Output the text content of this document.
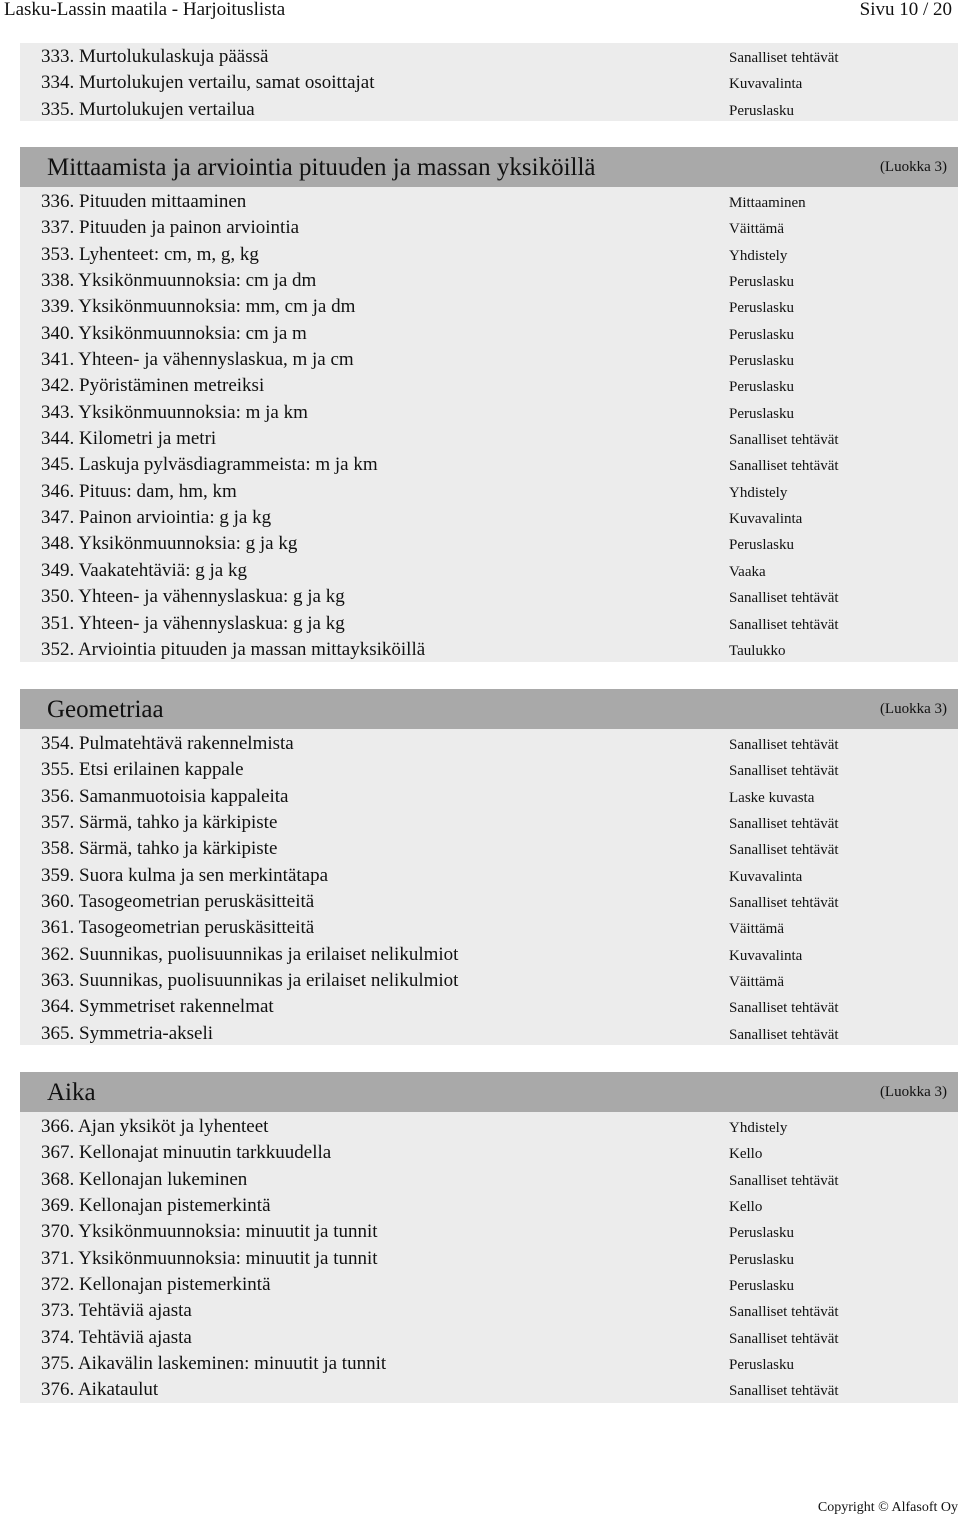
Lasku-Lassin maatila - Harjoituslista	Sivu 10 / 20
333. Murtolukulaskuja päässä	Sanalliset tehtävät
334. Murtolukujen vertailu, samat osoittajat	Kuvavalinta
335. Murtolukujen vertailua	Peruslasku
Mittaamista ja arviointia pituuden ja massan yksiköillä	(Luokka 3)
336. Pituuden mittaaminen	Mittaaminen
337. Pituuden ja painon arviointia	Väittämä
353. Lyhenteet: cm, m, g, kg	Yhdistely
338. Yksikönmuunnoksia: cm ja dm	Peruslasku
339. Yksikönmuunnoksia: mm, cm ja dm	Peruslasku
340. Yksikönmuunnoksia: cm ja m	Peruslasku
341. Yhteen- ja vähennyslaskua, m ja cm	Peruslasku
342. Pyöristäminen metreiksi	Peruslasku
343. Yksikönmuunnoksia: m ja km	Peruslasku
344. Kilometri ja metri	Sanalliset tehtävät
345. Laskuja pylväsdiagrammeista: m ja km	Sanalliset tehtävät
346. Pituus: dam, hm, km	Yhdistely
347. Painon arviointia: g ja kg	Kuvavalinta
348. Yksikönmuunnoksia: g ja kg	Peruslasku
349. Vaakatehtäviä: g ja kg	Vaaka
350. Yhteen- ja vähennyslaskua: g ja kg	Sanalliset tehtävät
351. Yhteen- ja vähennyslaskua: g ja kg	Sanalliset tehtävät
352. Arviointia pituuden ja massan mittayksiköillä	Taulukko
Geometriaa	(Luokka 3)
354. Pulmatehtävä rakennelmista	Sanalliset tehtävät
355. Etsi erilainen kappale	Sanalliset tehtävät
356. Samanmuotoisia kappaleita	Laske kuvasta
357. Särmä, tahko ja kärkipiste	Sanalliset tehtävät
358. Särmä, tahko ja kärkipiste	Sanalliset tehtävät
359. Suora kulma ja sen merkintätapa	Kuvavalinta
360. Tasogeometrian peruskäsitteitä	Sanalliset tehtävät
361. Tasogeometrian peruskäsitteitä	Väittämä
362. Suunnikas, puolisuunnikas ja erilaiset nelikulmiot	Kuvavalinta
363. Suunnikas, puolisuunnikas ja erilaiset nelikulmiot	Väittämä
364. Symmetriset rakennelmat	Sanalliset tehtävät
365. Symmetria-akseli	Sanalliset tehtävät
Aika	(Luokka 3)
366. Ajan yksiköt ja lyhenteet	Yhdistely
367. Kellonajat minuutin tarkkuudella	Kello
368. Kellonajan lukeminen	Sanalliset tehtävät
369. Kellonajan pistemerkintä	Kello
370. Yksikönmuunnoksia: minuutit ja tunnit	Peruslasku
371. Yksikönmuunnoksia: minuutit ja tunnit	Peruslasku
372. Kellonajan pistemerkintä	Peruslasku
373. Tehtäviä ajasta	Sanalliset tehtävät
374. Tehtäviä ajasta	Sanalliset tehtävät
375. Aikavälin laskeminen: minuutit ja tunnit	Peruslasku
376. Aikataulut	Sanalliset tehtävät
Copyright © Alfasoft Oy
